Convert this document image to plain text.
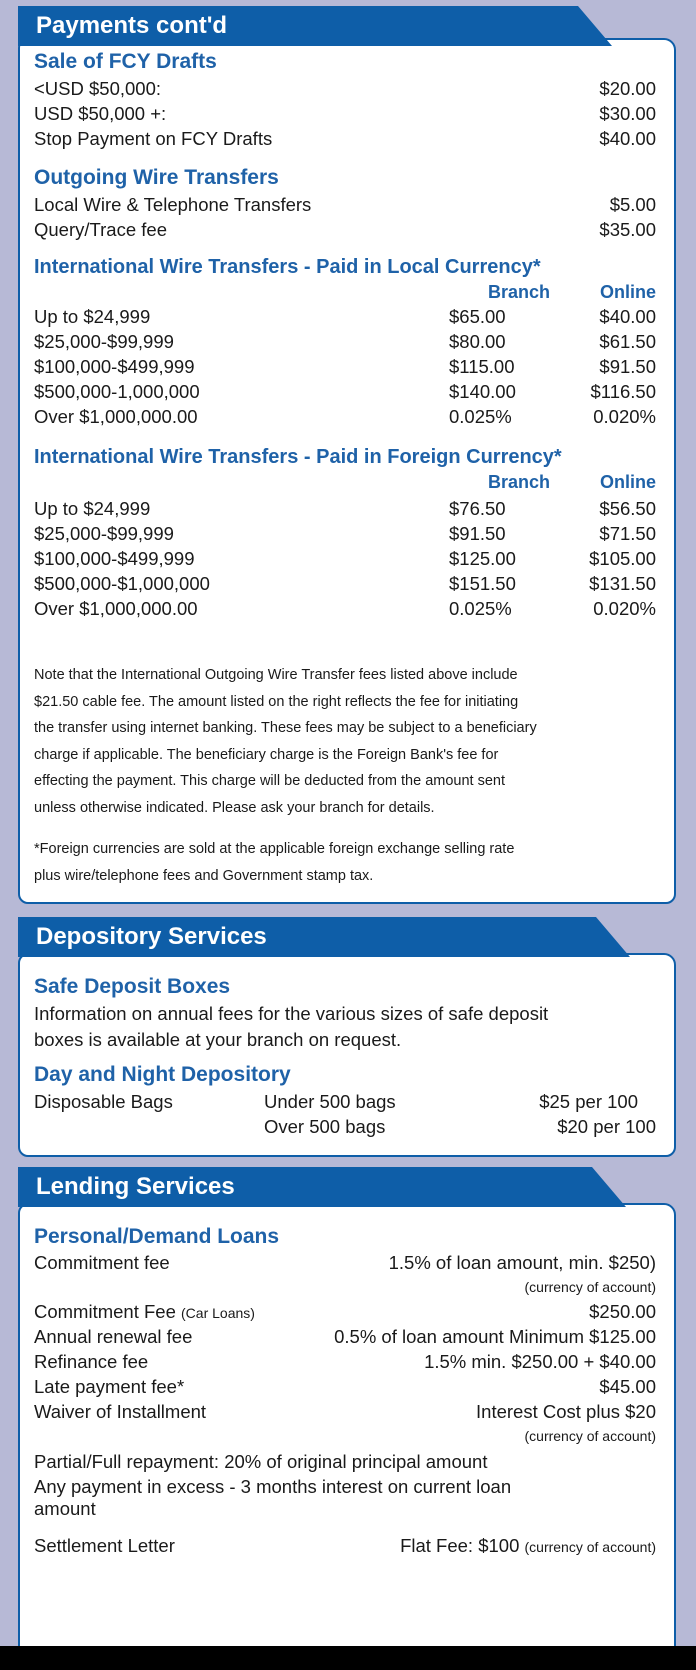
Payments cont'd
Sale of FCY Drafts
<USD $50,000:	$20.00
USD $50,000 +:	$30.00
Stop Payment on FCY Drafts	$40.00
Outgoing Wire Transfers
Local Wire & Telephone Transfers	$5.00
Query/Trace fee	$35.00
International Wire Transfers - Paid in Local Currency*
Branch	Online
Up to $24,999	$65.00	$40.00
$25,000-$99,999	$80.00	$61.50
$100,000-$499,999	$115.00	$91.50
$500,000-1,000,000	$140.00	$116.50
Over $1,000,000.00	0.025%	0.020%
International Wire Transfers - Paid in Foreign Currency*
Branch	Online
Up to $24,999	$76.50	$56.50
$25,000-$99,999	$91.50	$71.50
$100,000-$499,999	$125.00	$105.00
$500,000-$1,000,000	$151.50	$131.50
Over $1,000,000.00	0.025%	0.020%
Note that the International Outgoing Wire Transfer fees listed above include
$21.50 cable fee. The amount listed on the right reflects the fee for initiating
the transfer using internet banking. These fees may be subject to a beneficiary
charge if applicable. The beneficiary charge is the Foreign Bank's fee for
effecting the payment. This charge will be deducted from the amount sent
unless otherwise indicated. Please ask your branch for details.
*Foreign currencies are sold at the applicable foreign exchange selling rate
plus wire/telephone fees and Government stamp tax.
Depository Services
Safe Deposit Boxes
Information on annual fees for the various sizes of safe deposit
boxes is available at your branch on request.
Day and Night Depository
Disposable Bags	Under 500 bags	$25 per 100
Over 500 bags	$20 per 100
Lending Services
Personal/Demand Loans
Commitment fee	1.5% of loan amount, min. $250)
(currency of account)
Commitment Fee (Car Loans)	$250.00
Annual renewal fee	0.5% of loan amount Minimum $125.00
Refinance fee	1.5% min. $250.00 + $40.00
Late payment fee*	$45.00
Waiver of Installment	Interest Cost plus $20
(currency of account)
Partial/Full repayment: 20% of original principal amount
Any payment in excess - 3 months interest on current loan
amount
Settlement Letter	Flat Fee: $100 (currency of account)
